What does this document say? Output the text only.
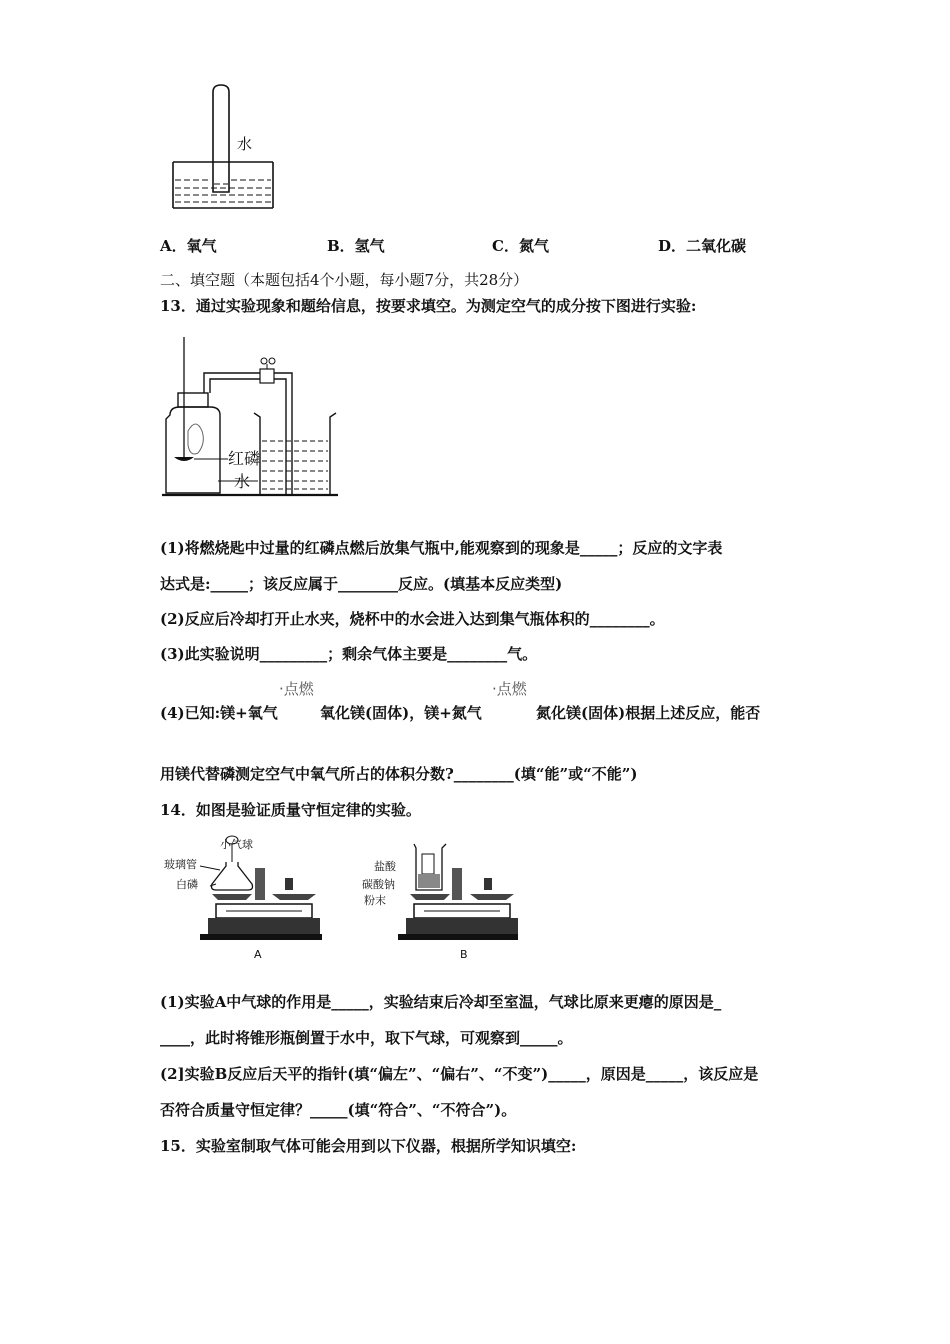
水
A．氧气	B．氢气	C．氮气	D．二氧化碳
二、填空题（本题包括4个小题，每小题7分，共28分）
13．通过实验现象和题给信息，按要求填空。为测定空气的成分按下图进行实验:
红磷
水
(1)将燃烧匙中过量的红磷点燃后放集气瓶中,能观察到的现象是_____；反应的文字表
达式是:_____；该反应属于________反应。(填基本反应类型)
(2)反应后冷却打开止水夹，烧杯中的水会进入达到集气瓶体积的________。
(3)此实验说明_________；剩余气体主要是________气。
·点燃	·点燃
(4)已知:镁+氧气	氧化镁(固体)，镁+氮气	氮化镁(固体)根据上述反应，能否
用镁代替磷测定空气中氧气所占的体积分数?________(填“能”或“不能”)
14．如图是验证质量守恒定律的实验。
小气球
玻璃管
白磷
A
盐酸
碳酸钠
粉末
B
(1)实验A中气球的作用是_____，实验结束后冷却至室温，气球比原来更瘪的原因是_
____，此时将锥形瓶倒置于水中，取下气球，可观察到_____。
(2]实验B反应后天平的指针(填“偏左”、“偏右”、“不变”)_____，原因是_____，该反应是
否符合质量守恒定律？_____(填“符合”、“不符合”)。
15．实验室制取气体可能会用到以下仪器，根据所学知识填空:
